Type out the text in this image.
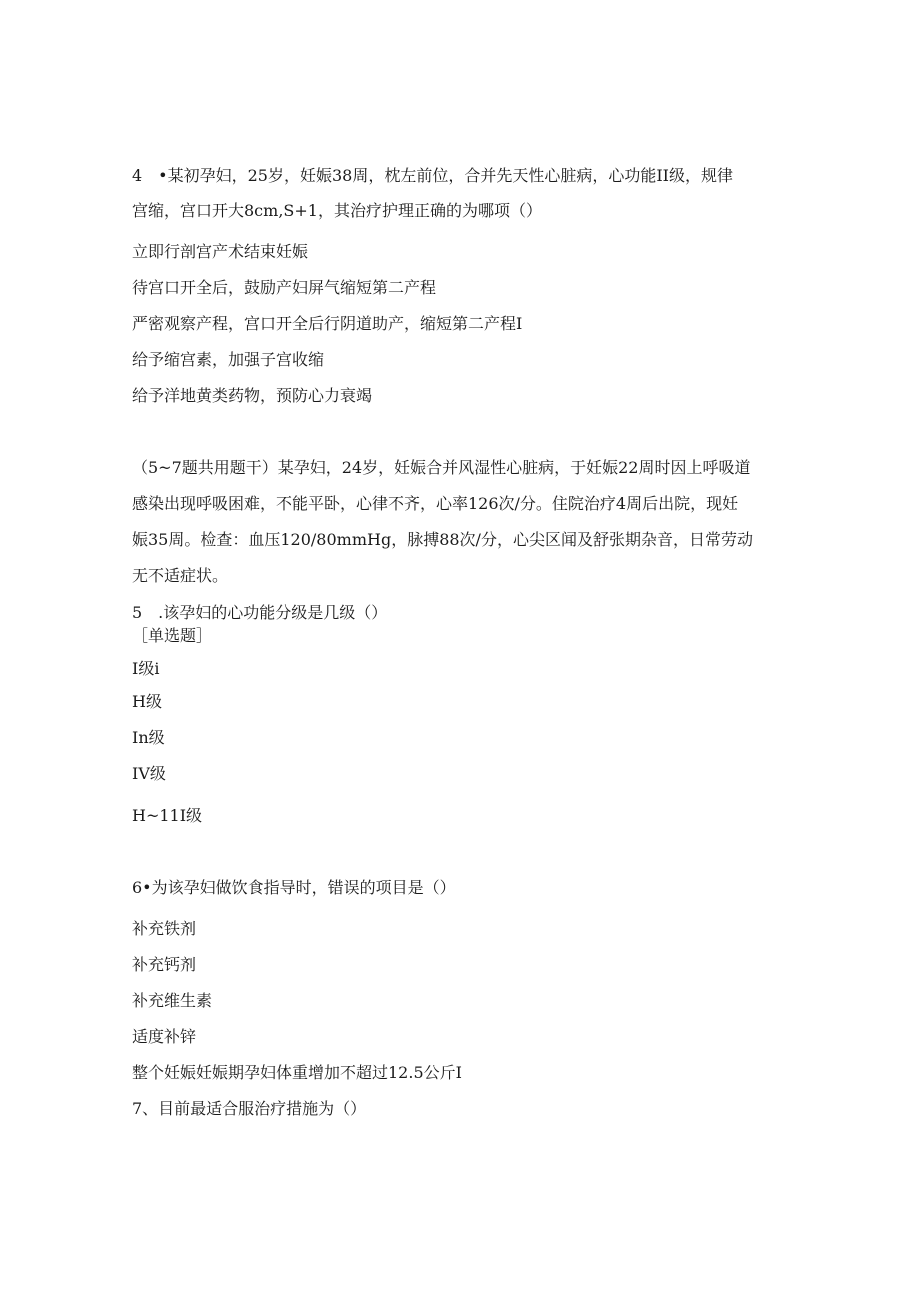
4　•某初孕妇，25岁，妊娠38周，枕左前位，合并先天性心脏病，心功能II级，规律
宫缩，宫口开大8cm,S+1，其治疗护理正确的为哪项（）
立即行剖宫产术结束妊娠
待宫口开全后，鼓励产妇屏气缩短第二产程
严密观察产程，宫口开全后行阴道助产，缩短第二产程I
给予缩宫素，加强子宫收缩
给予洋地黄类药物，预防心力衰竭
（5~7题共用题干）某孕妇，24岁，妊娠合并风湿性心脏病，于妊娠22周时因上呼吸道
感染出现呼吸困难，不能平卧，心律不齐，心率126次/分。住院治疗4周后出院，现妊
娠35周。检查：血压120/80mmHg，脉搏88次/分，心尖区闻及舒张期杂音，日常劳动
无不适症状。
5　.该孕妇的心功能分级是几级（）
［单选题］
I级i
H级
In级
IV级
H~11I级
6•为该孕妇做饮食指导时，错误的项目是（）
补充铁剂
补充钙剂
补充维生素
适度补锌
整个妊娠妊娠期孕妇体重增加不超过12.5公斤I
7、目前最适合服治疗措施为（）
